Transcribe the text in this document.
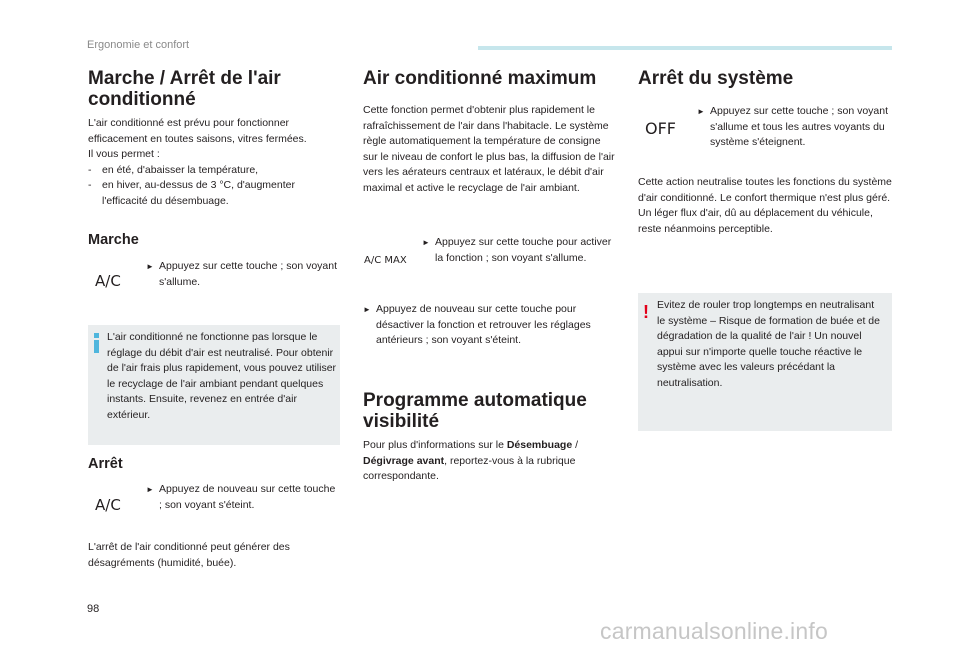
Ergonomie et confort
Marche / Arrêt de l'air conditionné

L'air conditionné est prévu pour fonctionner efficacement en toutes saisons, vitres fermées.

Il vous permet :

-	en été, d'abaisser la température,

-	en hiver, au-dessus de 3 °C, d'augmenter l'efficacité du désembuage.

Marche
A/C
► Appuyez sur cette touche ; son voyant s'allume.

L'air conditionné ne fonctionne pas lorsque le réglage du débit d'air est neutralisé. Pour obtenir de l'air frais plus rapidement, vous pouvez utiliser le recyclage de l'air ambiant pendant quelques instants. Ensuite, revenez en entrée d'air extérieur.

Arrêt
A/C
► Appuyez de nouveau sur cette touche ; son voyant s'éteint.

L'arrêt de l'air conditionné peut générer des désagréments (humidité, buée).

Air conditionné maximum

Cette fonction permet d'obtenir plus rapidement le rafraîchissement de l'air dans l'habitacle. Le système règle automatiquement la température de consigne sur le niveau de confort le plus bas, la diffusion de l'air vers les aérateurs centraux et latéraux, le débit d'air maximal et active le recyclage de l'air ambiant.

A/C MAX
► Appuyez sur cette touche pour activer la fonction ; son voyant s'allume.

► Appuyez de nouveau sur cette touche pour désactiver la fonction et retrouver les réglages antérieurs ; son voyant s'éteint.

Programme automatique visibilité

Pour plus d'informations sur le Désembuage / Dégivrage avant, reportez-vous à la rubrique correspondante.

Arrêt du système
OFF
► Appuyez sur cette touche ; son voyant s'allume et tous les autres voyants du système s'éteignent.

Cette action neutralise toutes les fonctions du système d'air conditionné. Le confort thermique n'est plus géré. Un léger flux d'air, dû au déplacement du véhicule, reste néanmoins perceptible.

! Evitez de rouler trop longtemps en neutralisant le système – Risque de formation de buée et de dégradation de la qualité de l'air ! Un nouvel appui sur n'importe quelle touche réactive le système avec les valeurs précédant la neutralisation.

98
carmanualsonline.info
